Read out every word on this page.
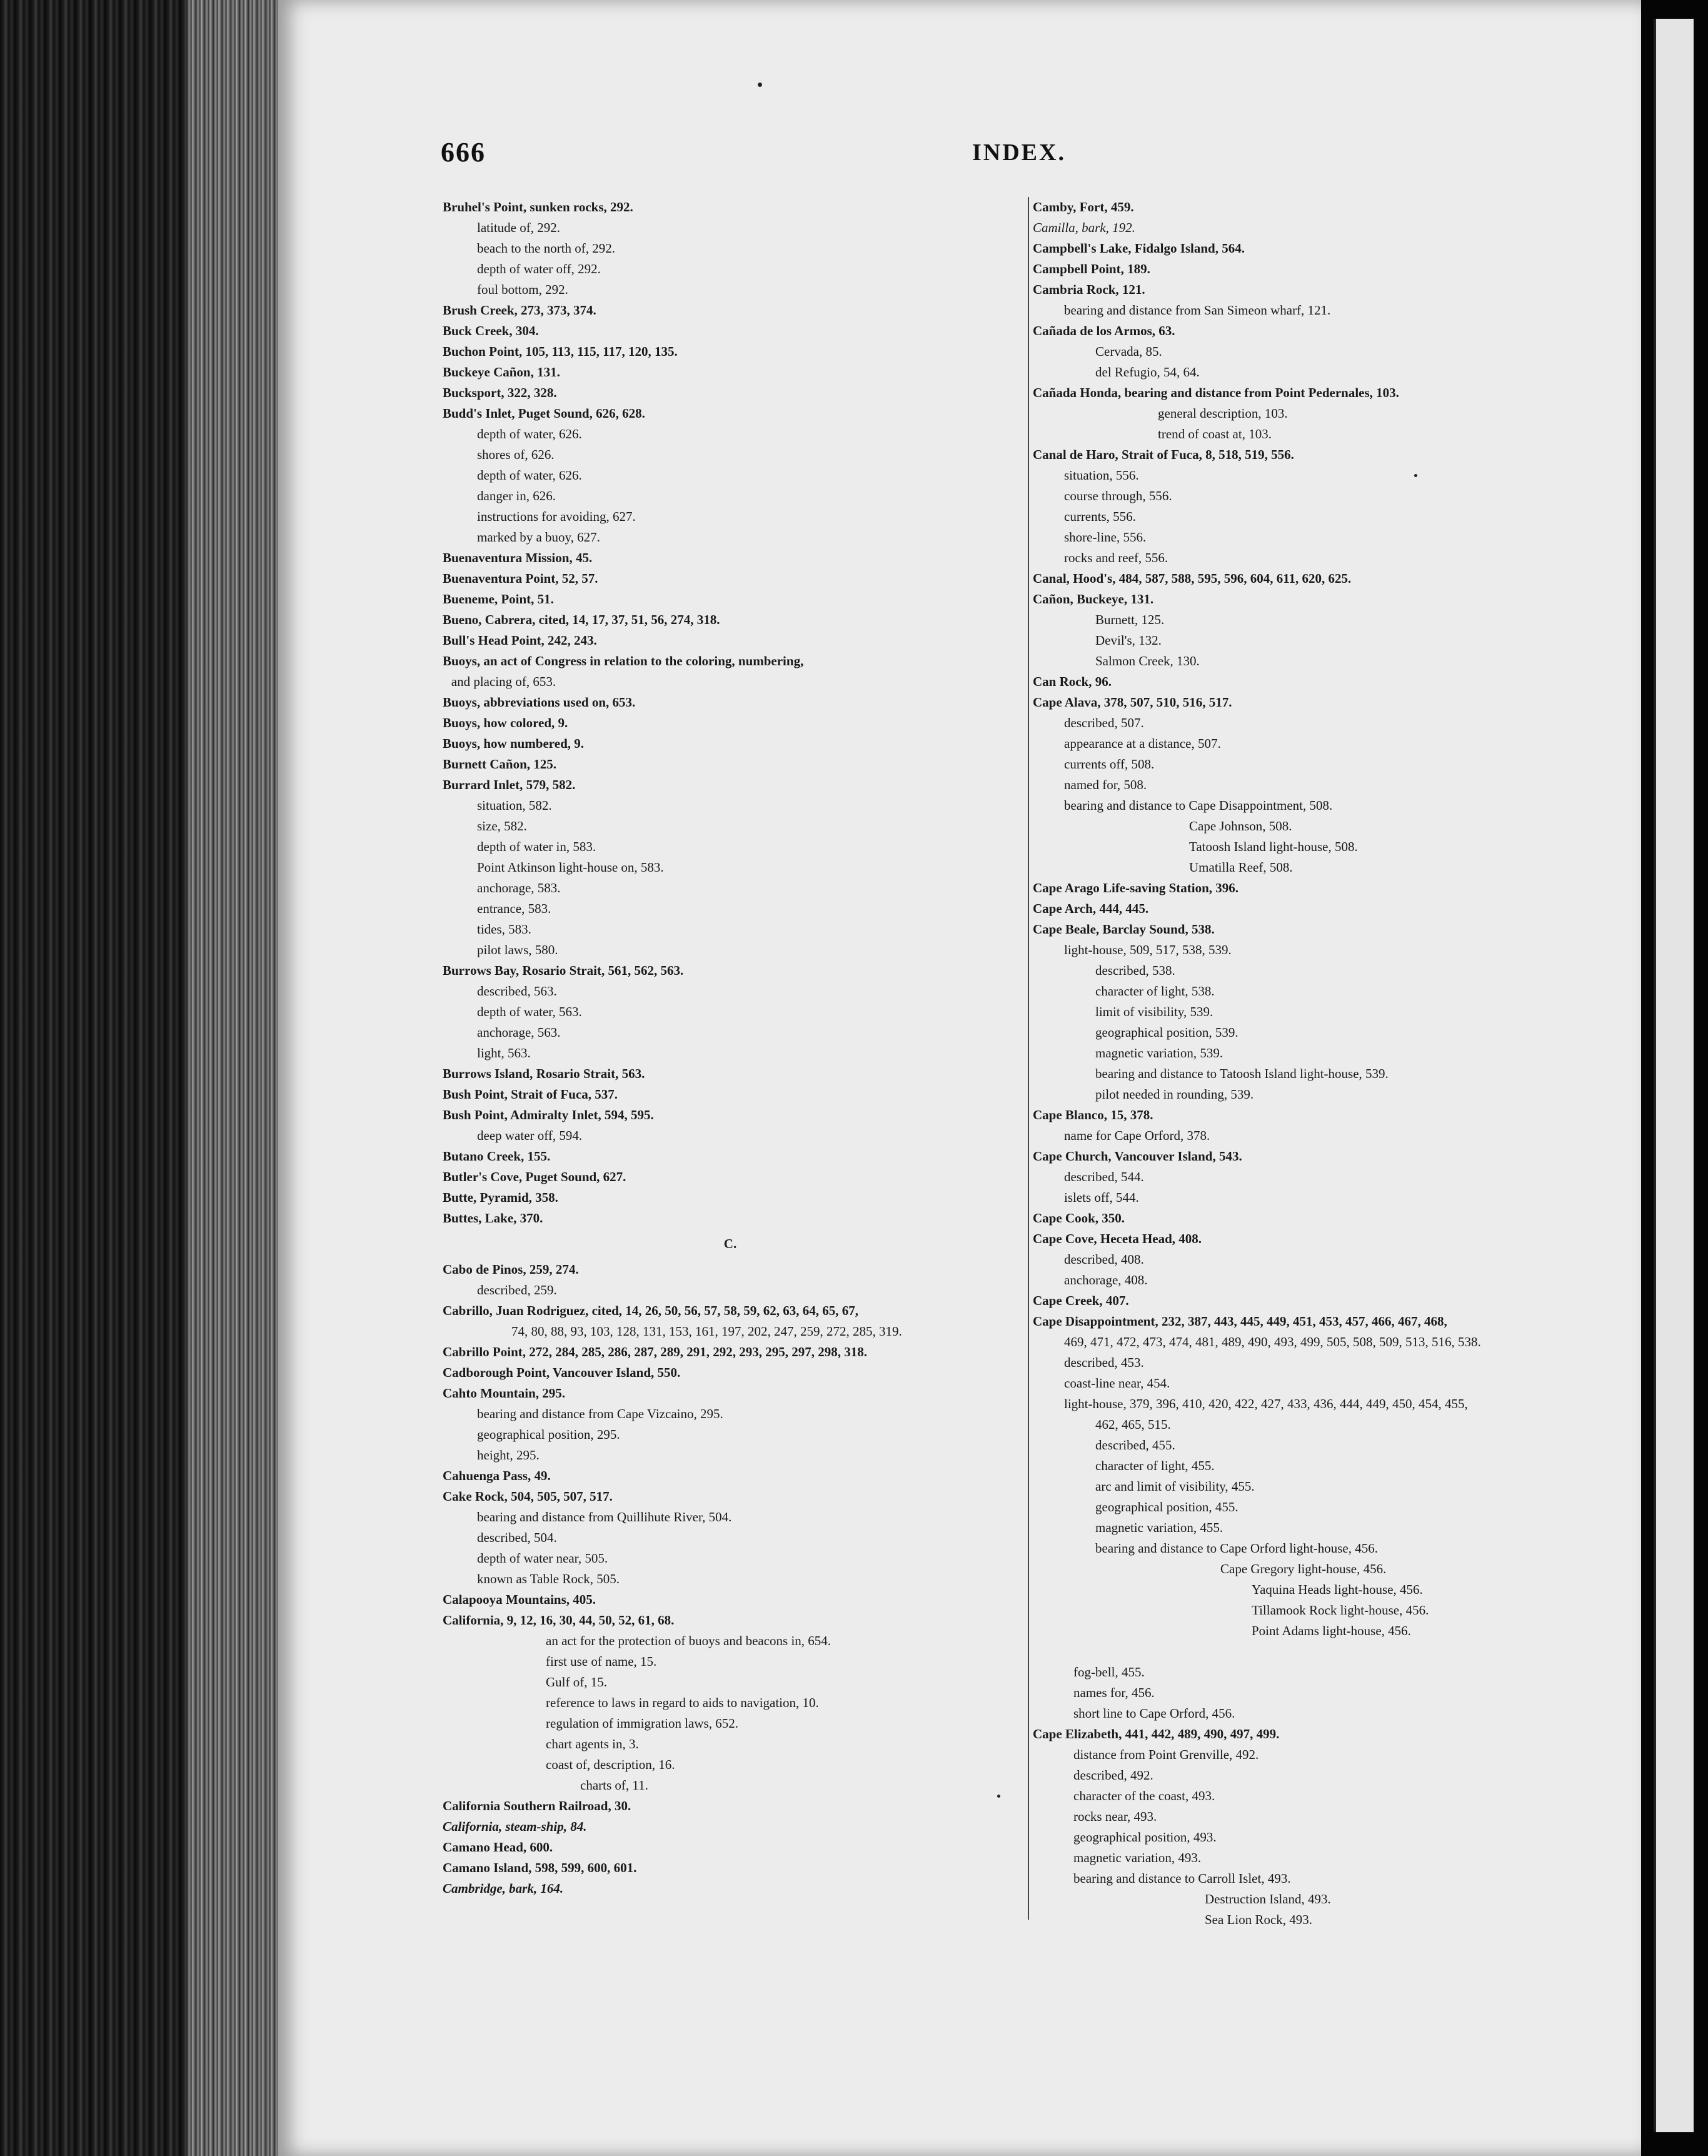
666	INDEX.
Bruhel's Point, sunken rocks, 292.
latitude of, 292.
beach to the north of, 292.
depth of water off, 292.
foul bottom, 292.
Brush Creek, 273, 373, 374.
Buck Creek, 304.
Buchon Point, 105, 113, 115, 117, 120, 135.
Buckeye Cañon, 131.
Bucksport, 322, 328.
Budd's Inlet, Puget Sound, 626, 628.
depth of water, 626.
shores of, 626.
depth of water, 626.
danger in, 626.
instructions for avoiding, 627.
marked by a buoy, 627.
Buenaventura Mission, 45.
Buenaventura Point, 52, 57.
Bueneme, Point, 51.
Bueno, Cabrera, cited, 14, 17, 37, 51, 56, 274, 318.
Bull's Head Point, 242, 243.
Buoys, an act of Congress in relation to the coloring, numbering,
and placing of, 653.
Buoys, abbreviations used on, 653.
Buoys, how colored, 9.
Buoys, how numbered, 9.
Burnett Cañon, 125.
Burrard Inlet, 579, 582.
situation, 582.
size, 582.
depth of water in, 583.
Point Atkinson light-house on, 583.
anchorage, 583.
entrance, 583.
tides, 583.
pilot laws, 580.
Burrows Bay, Rosario Strait, 561, 562, 563.
described, 563.
depth of water, 563.
anchorage, 563.
light, 563.
Burrows Island, Rosario Strait, 563.
Bush Point, Strait of Fuca, 537.
Bush Point, Admiralty Inlet, 594, 595.
deep water off, 594.
Butano Creek, 155.
Butler's Cove, Puget Sound, 627.
Butte, Pyramid, 358.
Buttes, Lake, 370.
C.
Cabo de Pinos, 259, 274.
described, 259.
Cabrillo, Juan Rodriguez, cited, 14, 26, 50, 56, 57, 58, 59, 62, 63, 64, 65, 67,
74, 80, 88, 93, 103, 128, 131, 153, 161, 197, 202, 247, 259, 272, 285, 319.
Cabrillo Point, 272, 284, 285, 286, 287, 289, 291, 292, 293, 295, 297, 298, 318.
Cadborough Point, Vancouver Island, 550.
Cahto Mountain, 295.
bearing and distance from Cape Vizcaino, 295.
geographical position, 295.
height, 295.
Cahuenga Pass, 49.
Cake Rock, 504, 505, 507, 517.
bearing and distance from Quillihute River, 504.
described, 504.
depth of water near, 505.
known as Table Rock, 505.
Calapooya Mountains, 405.
California, 9, 12, 16, 30, 44, 50, 52, 61, 68.
an act for the protection of buoys and beacons in, 654.
first use of name, 15.
Gulf of, 15.
reference to laws in regard to aids to navigation, 10.
regulation of immigration laws, 652.
chart agents in, 3.
coast of, description, 16.
charts of, 11.
California Southern Railroad, 30.
California, steam-ship, 84.
Camano Head, 600.
Camano Island, 598, 599, 600, 601.
Cambridge, bark, 164.
Camby, Fort, 459.
Camilla, bark, 192.
Campbell's Lake, Fidalgo Island, 564.
Campbell Point, 189.
Cambria Rock, 121.
bearing and distance from San Simeon wharf, 121.
Cañada de los Armos, 63.
Cervada, 85.
del Refugio, 54, 64.
Cañada Honda, bearing and distance from Point Pedernales, 103.
general description, 103.
trend of coast at, 103.
Canal de Haro, Strait of Fuca, 8, 518, 519, 556.
situation, 556.
course through, 556.
currents, 556.
shore-line, 556.
rocks and reef, 556.
Canal, Hood's, 484, 587, 588, 595, 596, 604, 611, 620, 625.
Cañon, Buckeye, 131.
Burnett, 125.
Devil's, 132.
Salmon Creek, 130.
Can Rock, 96.
Cape Alava, 378, 507, 510, 516, 517.
described, 507.
appearance at a distance, 507.
currents off, 508.
named for, 508.
bearing and distance to Cape Disappointment, 508.
Cape Johnson, 508.
Tatoosh Island light-house, 508.
Umatilla Reef, 508.
Cape Arago Life-saving Station, 396.
Cape Arch, 444, 445.
Cape Beale, Barclay Sound, 538.
light-house, 509, 517, 538, 539.
described, 538.
character of light, 538.
limit of visibility, 539.
geographical position, 539.
magnetic variation, 539.
bearing and distance to Tatoosh Island light-house, 539.
pilot needed in rounding, 539.
Cape Blanco, 15, 378.
name for Cape Orford, 378.
Cape Church, Vancouver Island, 543.
described, 544.
islets off, 544.
Cape Cook, 350.
Cape Cove, Heceta Head, 408.
described, 408.
anchorage, 408.
Cape Creek, 407.
Cape Disappointment, 232, 387, 443, 445, 449, 451, 453, 457, 466, 467, 468,
469, 471, 472, 473, 474, 481, 489, 490, 493, 499, 505, 508, 509, 513, 516, 538.
described, 453.
coast-line near, 454.
light-house, 379, 396, 410, 420, 422, 427, 433, 436, 444, 449, 450, 454, 455,
462, 465, 515.
described, 455.
character of light, 455.
arc and limit of visibility, 455.
geographical position, 455.
magnetic variation, 455.
bearing and distance to Cape Orford light-house, 456.
Cape Gregory light-house, 456.
Yaquina Heads light-house, 456.
Tillamook Rock light-house, 456.
Point Adams light-house, 456.
fog-bell, 455.
names for, 456.
short line to Cape Orford, 456.
Cape Elizabeth, 441, 442, 489, 490, 497, 499.
distance from Point Grenville, 492.
described, 492.
character of the coast, 493.
rocks near, 493.
geographical position, 493.
magnetic variation, 493.
bearing and distance to Carroll Islet, 493.
Destruction Island, 493.
Sea Lion Rock, 493.
